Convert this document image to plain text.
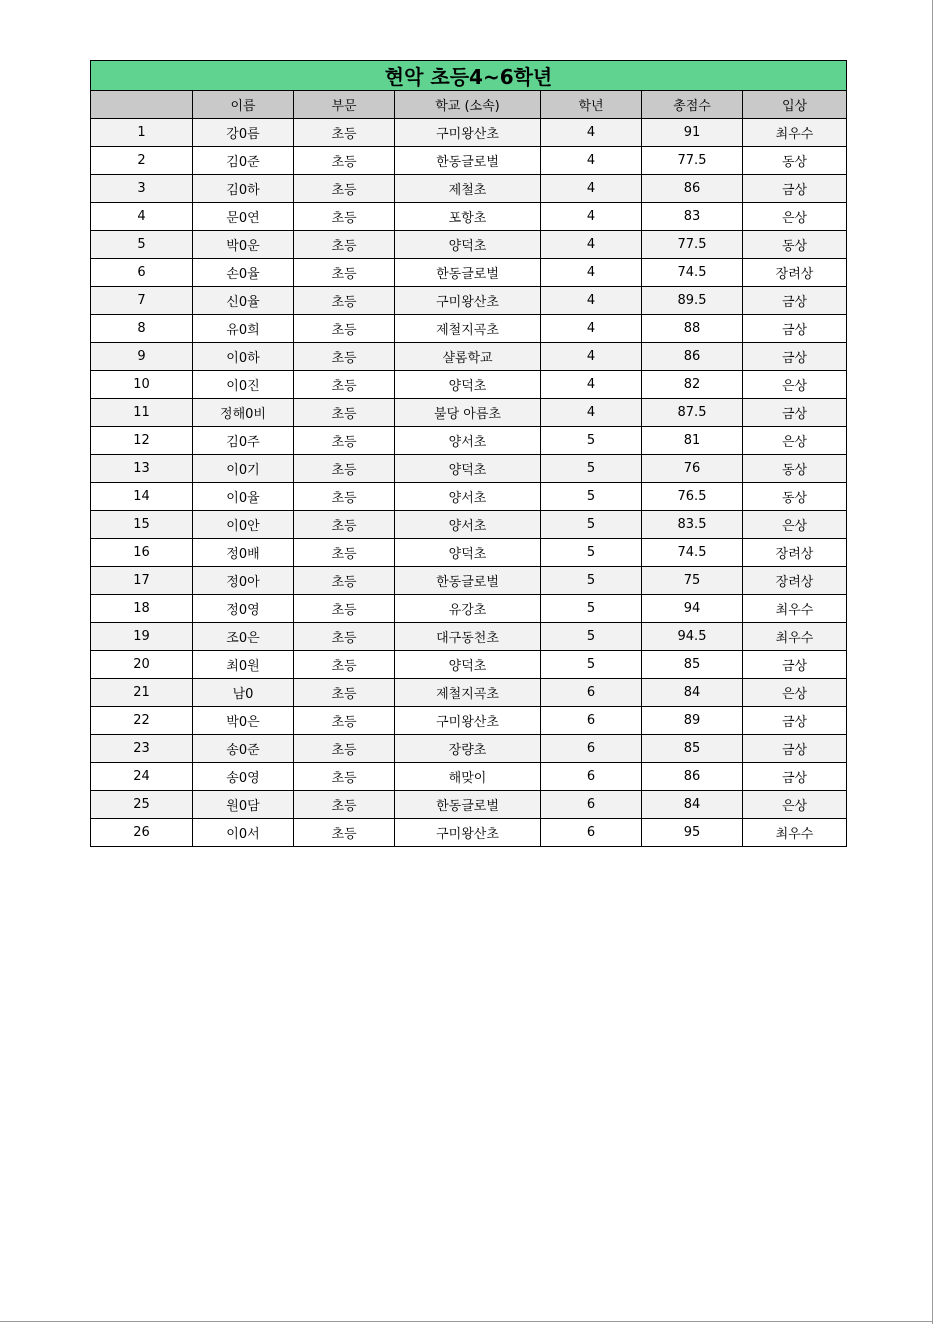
현악 초등4~6학년						
	이름	부문	학교 (소속)	학년	총점수	입상
1	강0름	초등	구미왕산초	4	91	최우수
2	김0준	초등	한동글로벌	4	77.5	동상
3	김0하	초등	제철초	4	86	금상
4	문0연	초등	포항초	4	83	은상
5	박0운	초등	양덕초	4	77.5	동상
6	손0율	초등	한동글로벌	4	74.5	장려상
7	신0율	초등	구미왕산초	4	89.5	금상
8	유0희	초등	제철지곡초	4	88	금상
9	이0하	초등	샬롬학교	4	86	금상
10	이0진	초등	양덕초	4	82	은상
11	정해0비	초등	불당 아름초	4	87.5	금상
12	김0주	초등	양서초	5	81	은상
13	이0기	초등	양덕초	5	76	동상
14	이0율	초등	양서초	5	76.5	동상
15	이0안	초등	양서초	5	83.5	은상
16	정0배	초등	양덕초	5	74.5	장려상
17	정0아	초등	한동글로벌	5	75	장려상
18	정0영	초등	유강초	5	94	최우수
19	조0은	초등	대구동천초	5	94.5	최우수
20	최0원	초등	양덕초	5	85	금상
21	남0	초등	제철지곡초	6	84	은상
22	박0은	초등	구미왕산초	6	89	금상
23	송0준	초등	장량초	6	85	금상
24	송0영	초등	해맞이	6	86	금상
25	원0담	초등	한동글로벌	6	84	은상
26	이0서	초등	구미왕산초	6	95	최우수
